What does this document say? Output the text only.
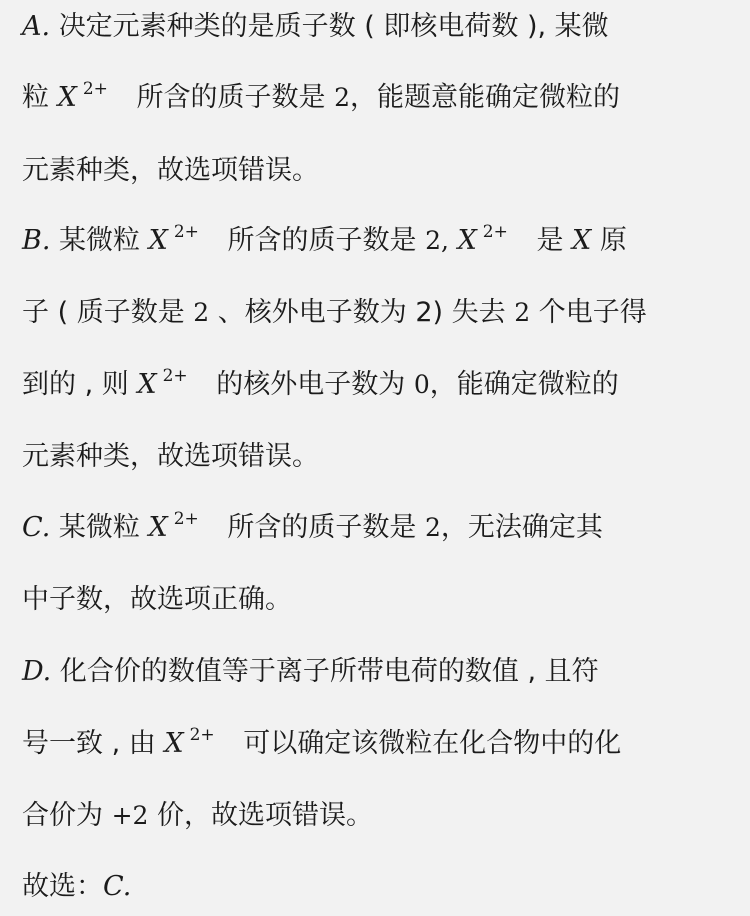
A. 决定元素种类的是质子数 ( 即核电荷数 ), 某微
粒 X $^{2+}$ 所含的质子数是 2，能题意能确定微粒的
元素种类，故选项错误。
B. 某微粒 X $^{2+}$ 所含的质子数是 2, X $^{2+}$ 是 X 原
子 ( 质子数是 2 、核外电子数为 2) 失去 2 个电子得
到的 , 则 X $^{2+}$ 的核外电子数为 0，能确定微粒的
元素种类，故选项错误。
C. 某微粒 X $^{2+}$ 所含的质子数是 2，无法确定其
中子数，故选项正确。
D. 化合价的数值等于离子所带电荷的数值 , 且符
号一致 , 由 X $^{2+}$ 可以确定该微粒在化合物中的化
合价为 +2 价，故选项错误。
故选：C.
